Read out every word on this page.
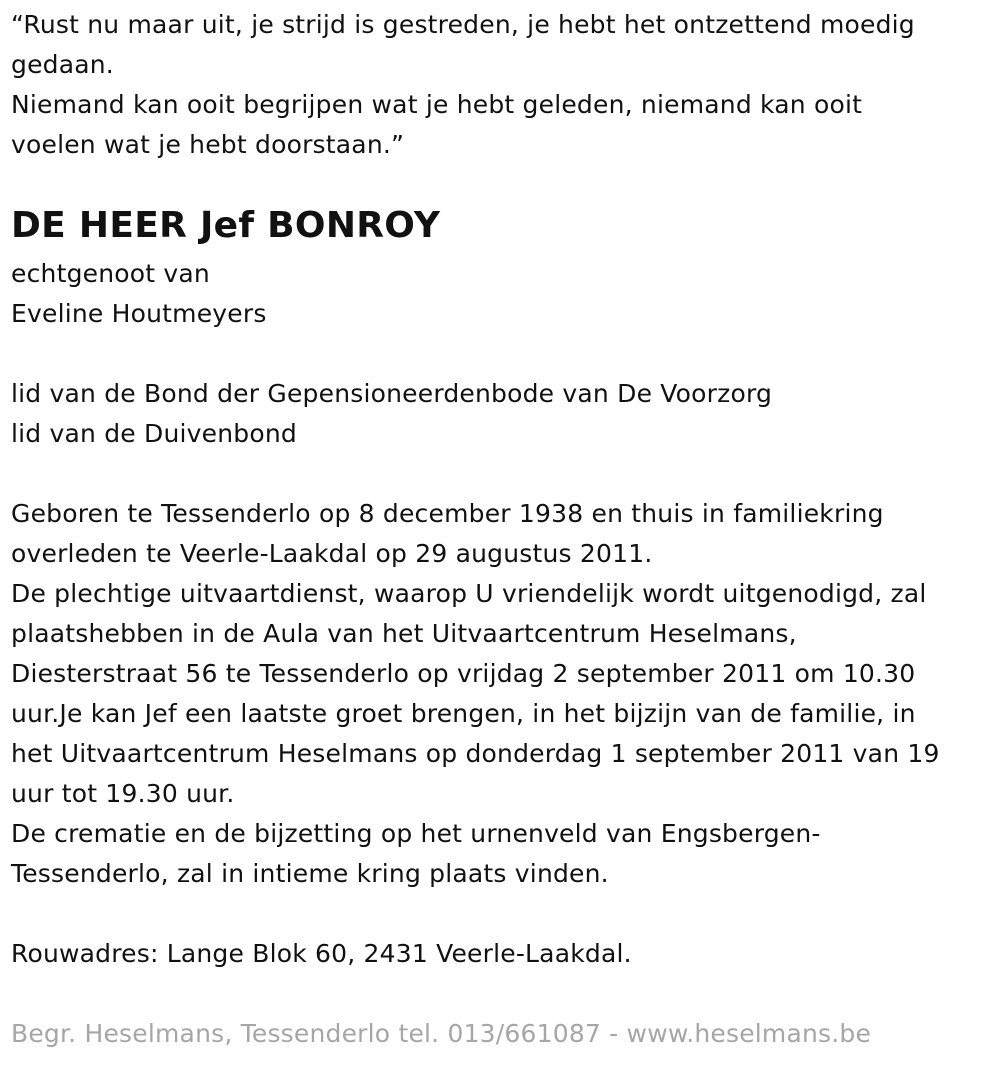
“Rust nu maar uit, je strijd is gestreden, je hebt het ontzettend moedig
gedaan.
Niemand kan ooit begrijpen wat je hebt geleden, niemand kan ooit
voelen wat je hebt doorstaan.”
DE HEER Jef BONROY
echtgenoot van
Eveline Houtmeyers
lid van de Bond der Gepensioneerdenbode van De Voorzorg
lid van de Duivenbond
Geboren te Tessenderlo op 8 december 1938 en thuis in familiekring
overleden te Veerle-Laakdal op 29 augustus 2011.
De plechtige uitvaartdienst, waarop U vriendelijk wordt uitgenodigd, zal
plaatshebben in de Aula van het Uitvaartcentrum Heselmans,
Diesterstraat 56 te Tessenderlo op vrijdag 2 september 2011 om 10.30
uur.Je kan Jef een laatste groet brengen, in het bijzijn van de familie, in
het Uitvaartcentrum Heselmans op donderdag 1 september 2011 van 19
uur tot 19.30 uur.
De crematie en de bijzetting op het urnenveld van Engsbergen-
Tessenderlo, zal in intieme kring plaats vinden.
Rouwadres: Lange Blok 60, 2431 Veerle-Laakdal.
Begr. Heselmans, Tessenderlo tel. 013/661087 - www.heselmans.be
